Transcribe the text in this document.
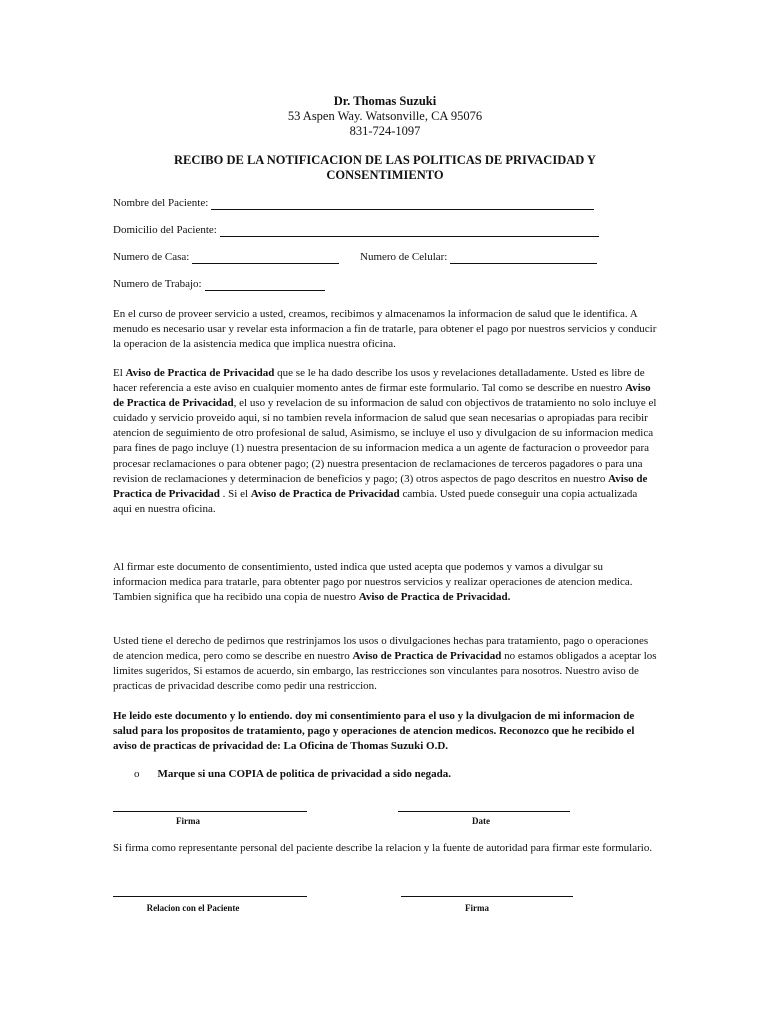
Dr. Thomas Suzuki
53 Aspen Way. Watsonville, CA 95076
831-724-1097
RECIBO DE LA NOTIFICACION DE LAS POLITICAS DE PRIVACIDAD Y CONSENTIMIENTO
Nombre del Paciente:
Domicilio del Paciente:
Numero de Casa:	Numero de Celular:
Numero de Trabajo:
En el curso de proveer servicio a usted, creamos, recibimos y almacenamos la informacion de salud que le identifica. A menudo es necesario usar y revelar esta informacion a fin de tratarle, para obtener el pago por nuestros servicios y conducir la operacion de la asistencia medica que implica nuestra oficina.
El Aviso de Practica de Privacidad que se le ha dado describe los usos y revelaciones detalladamente. Usted es libre de hacer referencia a este aviso en cualquier momento antes de firmar este formulario. Tal como se describe en nuestro Aviso de Practica de Privacidad, el uso y revelacion de su informacion de salud con objectivos de tratamiento no solo incluye el cuidado y servicio proveido aqui, si no tambien revela informacion de salud que sean necesarias o apropiadas para recibir atencion de seguimiento de otro profesional de salud, Asimismo, se incluye el uso y divulgacion de su informacion medica para fines de pago incluye (1) nuestra presentacion de su informacion medica a un agente de facturacion o proveedor para procesar reclamaciones o para obtener pago; (2) nuestra presentacion de reclamaciones de terceros pagadores o para una revision de reclamaciones y determinacion de beneficios y pago; (3) otros aspectos de pago descritos en nuestro Aviso de Practica de Privacidad . Si el Aviso de Practica de Privacidad cambia. Usted puede conseguir una copia actualizada aqui en nuestra oficina.
Al firmar este documento de consentimiento, usted indica que usted acepta que podemos y vamos a divulgar su informacion medica para tratarle, para obtenter pago por nuestros servicios y realizar operaciones de atencion medica. Tambien significa que ha recibido una copia de nuestro Aviso de Practica de Privacidad.
Usted tiene el derecho de pedirnos que restrinjamos los usos o divulgaciones hechas para tratamiento, pago o operaciones de atencion medica, pero como se describe en nuestro Aviso de Practica de Privacidad no estamos obligados a aceptar los limites sugeridos, Si estamos de acuerdo, sin embargo, las restricciones son vinculantes para nosotros. Nuestro aviso de practicas de privacidad describe como pedir una restriccion.
He leido este documento y lo entiendo. doy mi consentimiento para el uso y la divulgacion de mi informacion de salud para los propositos de tratamiento, pago y operaciones de atencion medicos. Reconozco que he recibido el aviso de practicas de privacidad de: La Oficina de Thomas Suzuki O.D.
o Marque si una COPIA de politica de privacidad a sido negada.
Firma	Date
Si firma como representante personal del paciente describe la relacion y la fuente de autoridad para firmar este formulario.
Relacion con el Paciente	Firma
